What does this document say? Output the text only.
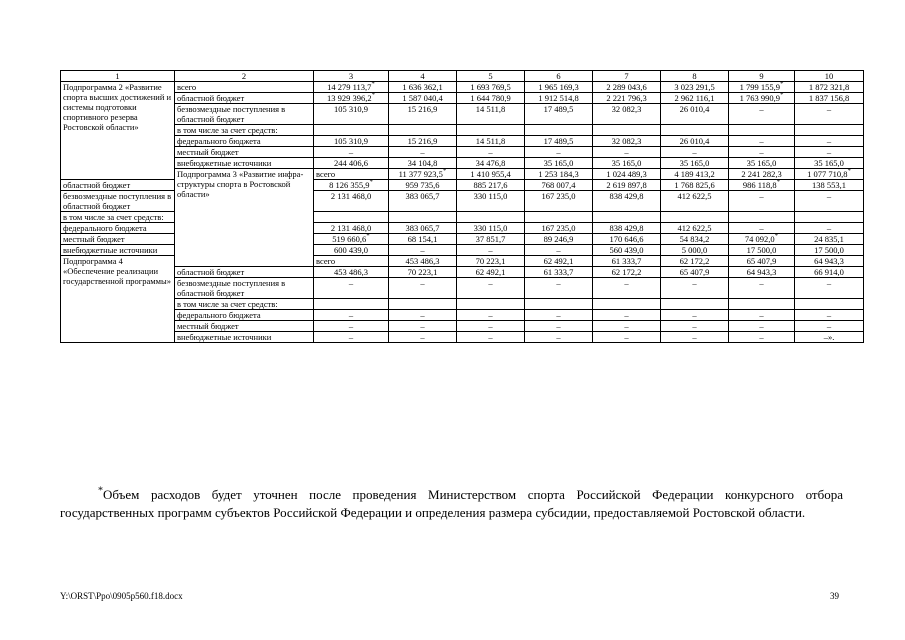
1	2	3	4	5	6	7	8	9	10	
Подпрограмма 2 «Развитие спорта высших достижений и системы подготовки спортивного резерва Ростовской области»	всего	14 279 113,7*	1 636 362,1	1 693 769,5	1 965 169,3	2 289 043,6	3 023 291,5	1 799 155,9*	1 872 321,8	
	областной бюджет	13 929 396,2*	1 587 040,4	1 644 780,9	1 912 514,8	2 221 796,3	2 962 116,1	1 763 990,9*	1 837 156,8	
	безвозмездные поступления в областной бюджет	105 310,9	15 216,9	14 511,8	17 489,5	32 082,3	26 010,4	–	–	
	в том числе за счет средств:									
	федерального бюджета	105 310,9	15 216,9	14 511,8	17 489,5	32 082,3	26 010,4	–	–	
	местный бюджет	–	–	–	–	–	–	–	–	
	внебюджетные источники	244 406,6	34 104,8	34 476,8	35 165,0	35 165,0	35 165,0	35 165,0	35 165,0	
	Подпрограмма 3 «Развитие инфра-структуры спорта в Ростовской области»	всего	11 377 923,5*	1 410 955,4	1 253 184,3	1 024 489,3	4 189 413,2	2 241 282,3	1 077 710,8*	
областной бюджет		8 126 355,9*	959 735,6	885 217,6	768 007,4	2 619 897,8	1 768 825,6	986 118,8*	138 553,1	
безвозмездные поступления в областной бюджет		2 131 468,0	383 065,7	330 115,0	167 235,0	838 429,8	412 622,5	–	–	
в том числе за счет средств:										
федерального бюджета		2 131 468,0	383 065,7	330 115,0	167 235,0	838 429,8	412 622,5	–	–	
местный бюджет		519 660,6*	68 154,1	37 851,7	89 246,9	170 646,6	54 834,2	74 092,0*	24 835,1	
внебюджетные источники		600 439,0	–	–	–	560 439,0	5 000,0	17 500,0	17 500,0	
Подпрограмма 4 «Обеспечение реализации государственной программы»		всего	453 486,3	70 223,1	62 492,1	61 333,7	62 172,2	65 407,9	64 943,3	
	областной бюджет	453 486,3	70 223,1	62 492,1	61 333,7	62 172,2	65 407,9	64 943,3	66 914,0	
	безвозмездные поступления в областной бюджет	–	–	–	–	–	–	–	–	
	в том числе за счет средств:									
	федерального бюджета	–	–	–	–	–	–	–	–	
	местный бюджет	–	–	–	–	–	–	–	–	
	внебюджетные источники	–	–	–	–	–	–	–	–».	

*Объем расходов будет уточнен после проведения Министерством спорта Российской Федерации конкурсного отбора государственных программ субъектов Российской Федерации и определения размера субсидии, предоставляемой Ростовской области.

Y:\ORST\Ppo\0905p560.f18.docx	39
